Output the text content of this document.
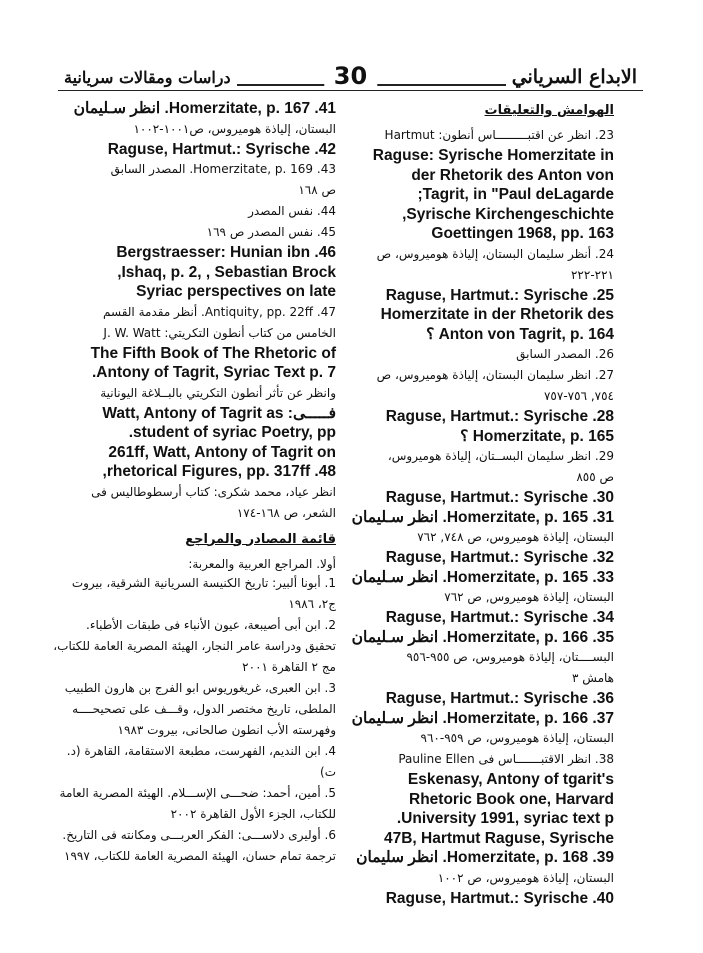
الابداع السرياني
30
دراسات ومقالات سريانية
الهوامش والتعليقات
23. انظر عن اقتبـــــــــاس أنطون: Hartmut
Raguse: Syrische Homerzitate in
der Rhetorik des Anton von
Tagrit, in "Paul deLagarde;
Syrische Kirchengeschichte,
Goettingen 1968, pp. 163
24. أنظر سليمان البستان، إلياذة هوميروس، ص
٢٢١-٢٢٢
25. Raguse, Hartmut.: Syrische
Homerzitate in der Rhetorik des
Anton von Tagrit, p. 164 ؟
26. المصدر السابق
27. انظر سليمان البستان، إلياذة هوميروس، ص
٧٥٤, ٧٥٦-٧٥٧
28. Raguse, Hartmut.: Syrische
Homerzitate, p. 165 ؟
29. انظر سليمان البســتان، إلياذة هوميروس،
ص ٨٥٥
30. Raguse, Hartmut.: Syrische
31. Homerzitate, p. 165. انظر سـليمان
البستان، إلياذة هوميروس، ص ٧٤٨, ٧٦٢
32. Raguse, Hartmut.: Syrische
33. Homerzitate, p. 165. انظر سـليمان
البستان، إلياذة هوميروس, ص ٧٦٢
34. Raguse, Hartmut.: Syrische
35. Homerzitate, p. 166. انظر سـليمان
البســــتان، إلياذة هوميروس، ص ٩٥٥-٩٥٦
هامش ٣
36. Raguse, Hartmut.: Syrische
37. Homerzitate, p. 166. انظر سـليمان
البستان، إلياذة هوميروس، ص ٩٥٩-٩٦٠
38. انظر الاقتبـــــــاس فى Pauline Ellen
Eskenasy, Antony of tgarit's
Rhetoric Book one, Harvard
University 1991, syriac text p.
47B, Hartmut Raguse, Syrische
39. Homerzitate, p. 168. انظر سليمان
البستان، إلياذة هوميروس، ص ١٠٠٢
40. Raguse, Hartmut.: Syrische
41. Homerzitate, p. 167. انظر سـليمان
البستان، إلياذة هوميروس، ص١٠٠١-١٠٠٢
42. Raguse, Hartmut.: Syrische
43. Homerzitate, p. 169. المصدر السابق
ص ١٦٨
44. نفس المصدر
45. نفس المصدر ص ١٦٩
46. Bergstraesser: Hunian ibn
Ishaq, p. 2, , Sebastian Brock,
Syriac perspectives on late
47. Antiquity, pp. 22ff. أنظر مقدمة القسم
الخامس من كتاب أنطون التكريتي: J. W. Watt
The Fifth Book of The Rhetoric of
Antony of Tagrit, Syriac Text p. 7.
وانظر عن تأثر أنطون التكريتي بالبــلاغة اليونانية
فـــــى: Watt, Antony of Tagrit as
student of syriac Poetry, pp.
261ff, Watt, Antony of Tagrit on
48. rhetorical Figures, pp. 317ff,
انظر عياد، محمد شكرى: كتاب أرسطوطاليس فى
الشعر، ص ١٦٨-١٧٤
قائمة المصادر والمراجع
أولا. المراجع العربية والمعربة:
1. أبونا ألبير: تاريخ الكنيسة السريانية الشرقية، بيروت
ج٢، ١٩٨٦
2. ابن أبى أصيبعة، عيون الأنباء فى طبقات الأطباء.
تحقيق ودراسة عامر النجار، الهيئة المصرية العامة للكتاب،
مج ٢ القاهرة ٢٠٠١
3. ابن العبرى، غريغوريوس ابو الفرج بن هارون الطبيب
الملطى، تاريخ مختصر الدول، وقـــف على تصحيحــــه
وفهرسته الأب انطون صالحانى، بيروت ١٩٨٣
4. ابن النديم، الفهرست، مطبعة الاستقامة، القاهرة (د.
ت)
5. أمين، أحمد: ضحـــى الإســـلام. الهيئة المصرية العامة
للكتاب، الجزء الأول القاهرة ٢٠٠٢
6. أوليرى دلاســـى: الفكر العربـــى ومكانته فى التاريخ.
ترجمة تمام حسان، الهيئة المصرية العامة للكتاب، ١٩٩٧
